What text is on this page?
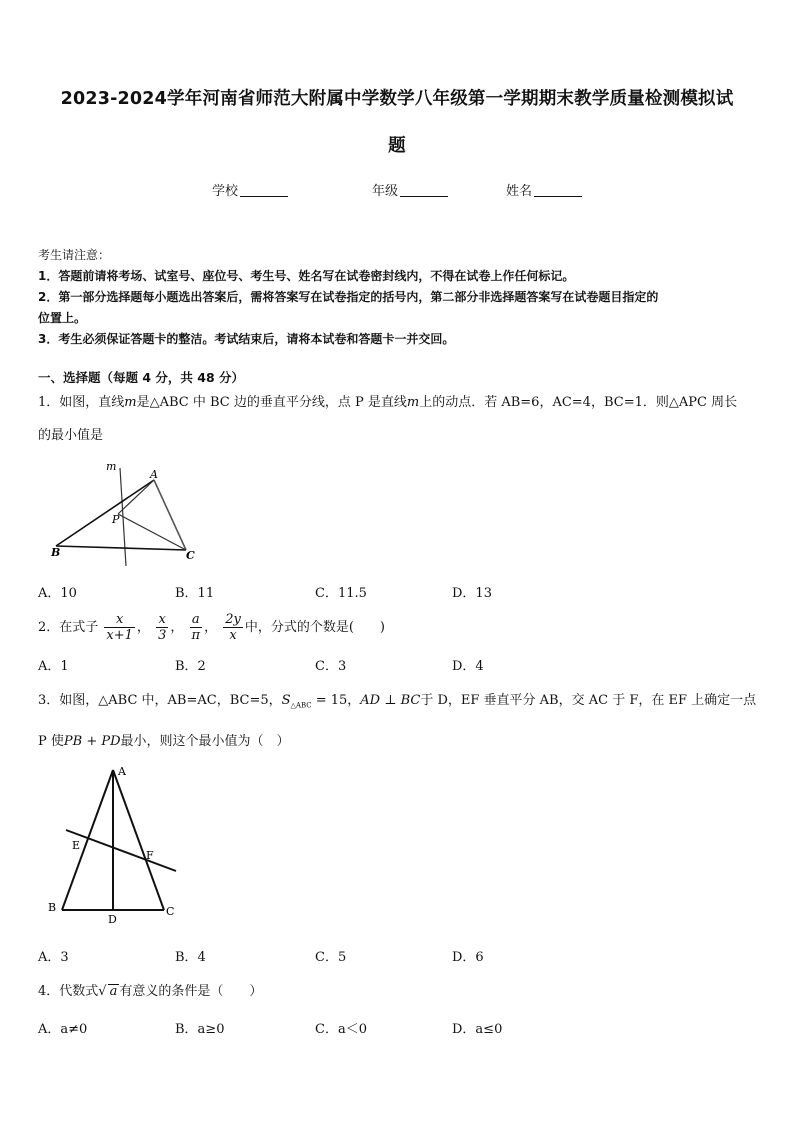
2023-2024学年河南省师范大附属中学数学八年级第一学期期末教学质量检测模拟试
题
学校	年级	姓名
考生请注意：
1．答题前请将考场、试室号、座位号、考生号、姓名写在试卷密封线内，不得在试卷上作任何标记。
2．第一部分选择题每小题选出答案后，需将答案写在试卷指定的括号内，第二部分非选择题答案写在试卷题目指定的
位置上。
3．考生必须保证答题卡的整洁。考试结束后，请将本试卷和答题卡一并交回。
一、选择题（每题 4 分，共 48 分）
1．如图，直线m是△ABC 中 BC 边的垂直平分线，点 P 是直线m上的动点．若 AB=6，AC=4，BC=1．则△APC 周长
的最小值是
m
A
P
B	C
A．10	B．11	C．11.5	D．13
2．在式子 $\frac{x}{x+1}$ ， $\frac{x}{3}$ ， $\frac{a}{\pi}$ ， $\frac{2y}{x}$ 中，分式的个数是(　　)
A．1	B．2	C．3	D．4
3．如图，△ABC 中，AB=AC，BC=5，$S_{\triangle ABC} = 15$，AD ⊥ BC于 D，EF 垂直平分 AB，交 AC 于 F，在 EF 上确定一点
P 使PB + PD最小，则这个最小值为（　）
A
E
F
B
D
C
A．3	B．4	C．5	D．6
4．代数式√ a 有意义的条件是（　　）
A．a≠0	B．a≥0	C．a＜0	D．a≤0
